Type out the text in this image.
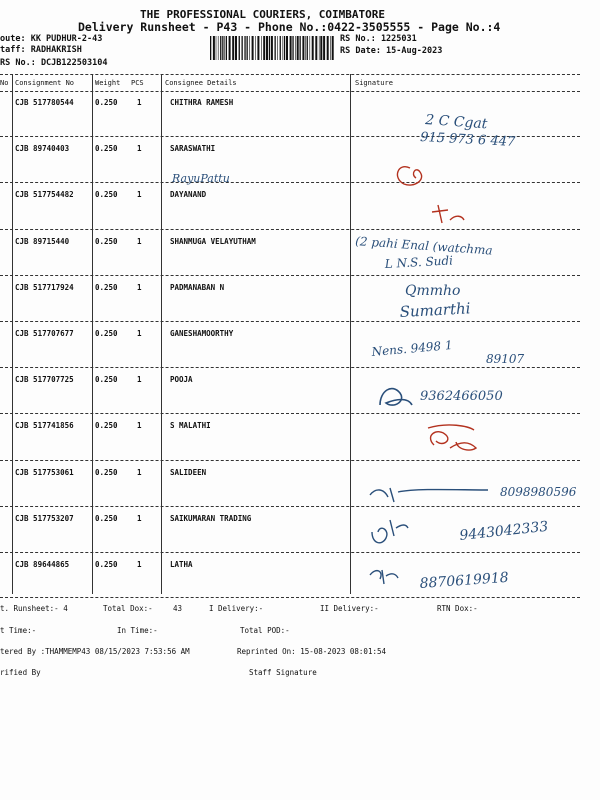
THE PROFESSIONAL COURIERS, COIMBATORE
Delivery Runsheet - P43 - Phone No.:0422-3505555 - Page No.:4
oute: KK PUDHUR-2-43
taff: RADHAKRISH
RS No.: DCJB122503104
RS No.: 1225031
RS Date: 15-Aug-2023
No Consignment No	Weight PCS	Consignee Details	Signature
CJB 517780544	0.250	1	CHITHRA RAMESH
CJB 89740403	0.250	1	SARASWATHI
CJB 517754482	0.250	1	DAYANAND
CJB 89715440	0.250	1	SHANMUGA VELAYUTHAM
CJB 517717924	0.250	1	PADMANABAN N
CJB 517707677	0.250	1	GANESHAMOORTHY
CJB 517707725	0.250	1	POOJA
CJB 517741856	0.250	1	S MALATHI
CJB 517753061	0.250	1	SALIDEEN
CJB 517753207	0.250	1	SAIKUMARAN TRADING
CJB 89644865	0.250	1	LATHA
t. Runsheet:- 4	Total Dox:-	43	I Delivery:-	II Delivery:-	RTN Dox:-
t Time:-	In Time:-	Total POD:-
tered By :THAMMEMP43 08/15/2023 7:53:56 AM	Reprinted On: 15-08-2023 08:01:54
rified By	Staff Signature
2 C Cgat
915 973 6 447
RayuPattu
(2 pahi Enal (watchma
L N.S. Sudi
Qmmho
Sumarthi
Nens. 9498 1
89107
9362466050
8098980596
9443042333
8870619918
